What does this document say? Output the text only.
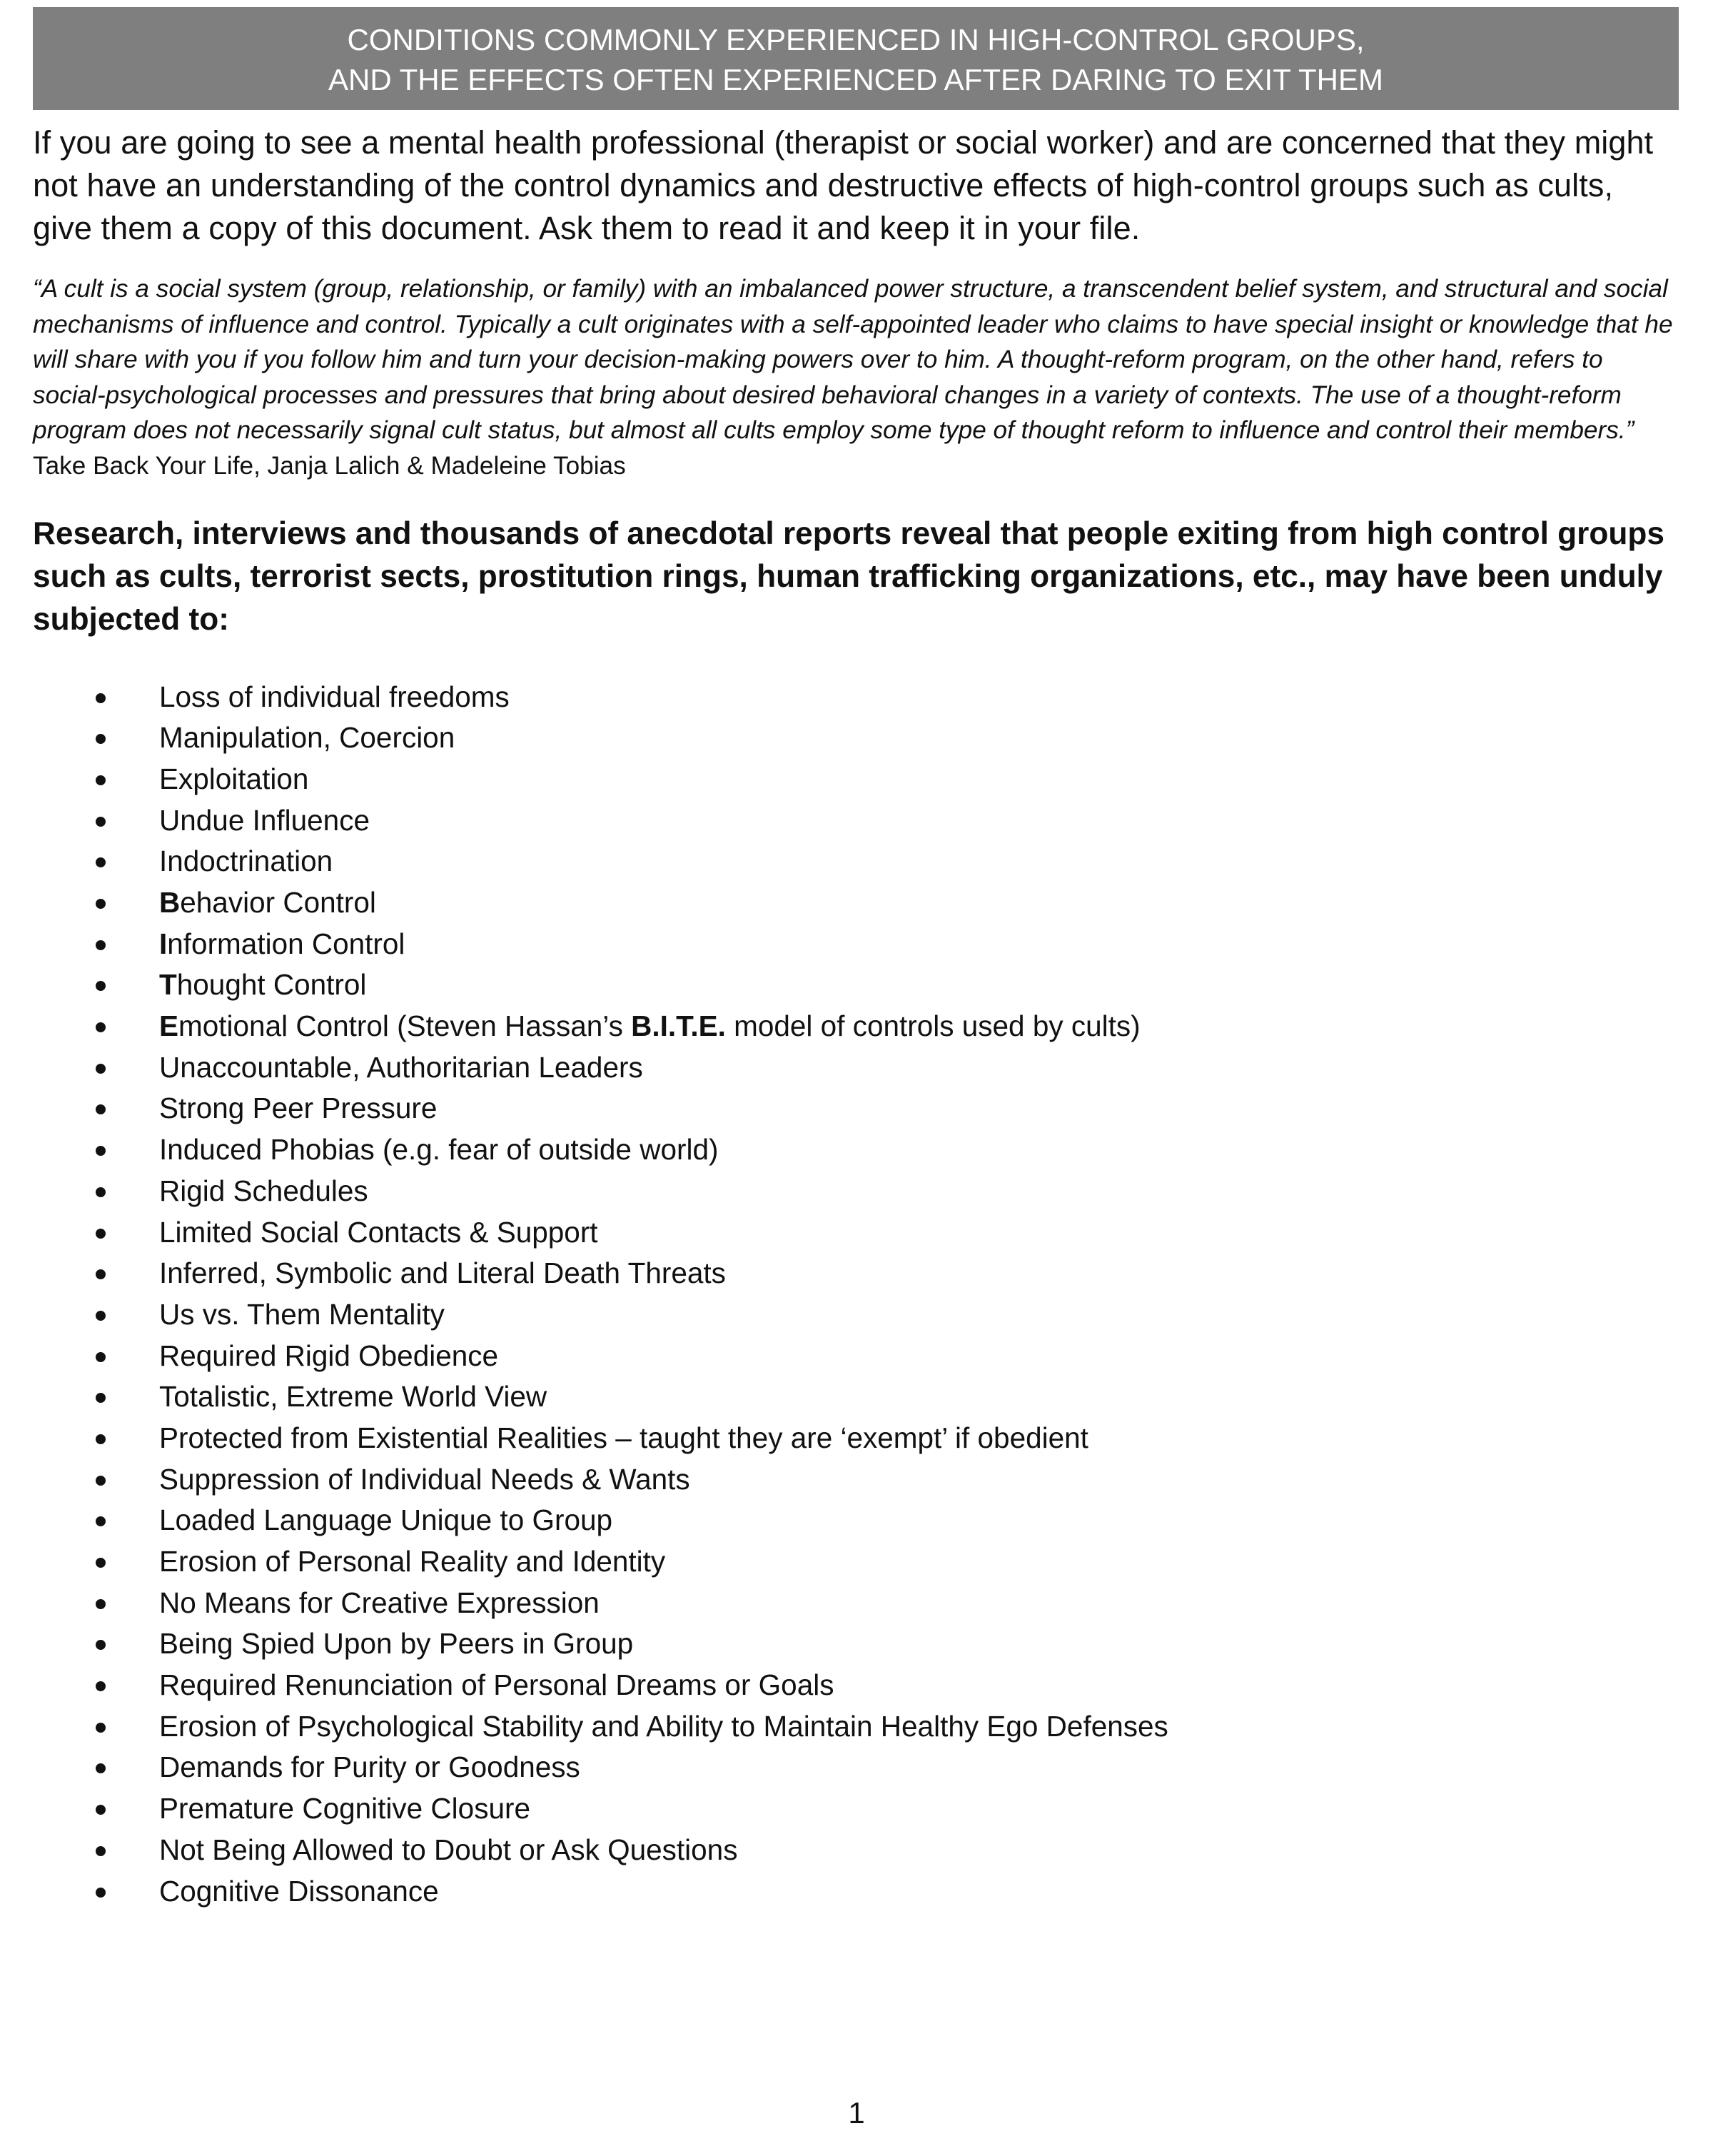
CONDITIONS COMMONLY EXPERIENCED IN HIGH-CONTROL GROUPS,
AND THE EFFECTS OFTEN EXPERIENCED AFTER DARING TO EXIT THEM

If you are going to see a mental health professional (therapist or social worker) and are concerned that they might not have an understanding of the control dynamics and destructive effects of high-control groups such as cults, give them a copy of this document. Ask them to read it and keep it in your file.

“A cult is a social system (group, relationship, or family) with an imbalanced power structure, a transcendent belief system, and structural and social mechanisms of influence and control. Typically a cult originates with a self-appointed leader who claims to have special insight or knowledge that he will share with you if you follow him and turn your decision-making powers over to him. A thought-reform program, on the other hand, refers to social-psychological processes and pressures that bring about desired behavioral changes in a variety of contexts. The use of a thought-reform program does not necessarily signal cult status, but almost all cults employ some type of thought reform to influence and control their members.” Take Back Your Life, Janja Lalich & Madeleine Tobias

Research, interviews and thousands of anecdotal reports reveal that people exiting from high control groups such as cults, terrorist sects, prostitution rings, human trafficking organizations, etc., may have been unduly subjected to:

Loss of individual freedoms
Manipulation, Coercion
Exploitation
Undue Influence
Indoctrination
Behavior Control
Information Control
Thought Control
Emotional Control (Steven Hassan’s B.I.T.E. model of controls used by cults)
Unaccountable, Authoritarian Leaders
Strong Peer Pressure
Induced Phobias (e.g. fear of outside world)
Rigid Schedules
Limited Social Contacts & Support
Inferred, Symbolic and Literal Death Threats
Us vs. Them Mentality
Required Rigid Obedience
Totalistic, Extreme World View
Protected from Existential Realities – taught they are ‘exempt’ if obedient
Suppression of Individual Needs & Wants
Loaded Language Unique to Group
Erosion of Personal Reality and Identity
No Means for Creative Expression
Being Spied Upon by Peers in Group
Required Renunciation of Personal Dreams or Goals
Erosion of Psychological Stability and Ability to Maintain Healthy Ego Defenses
Demands for Purity or Goodness
Premature Cognitive Closure
Not Being Allowed to Doubt or Ask Questions
Cognitive Dissonance
1
